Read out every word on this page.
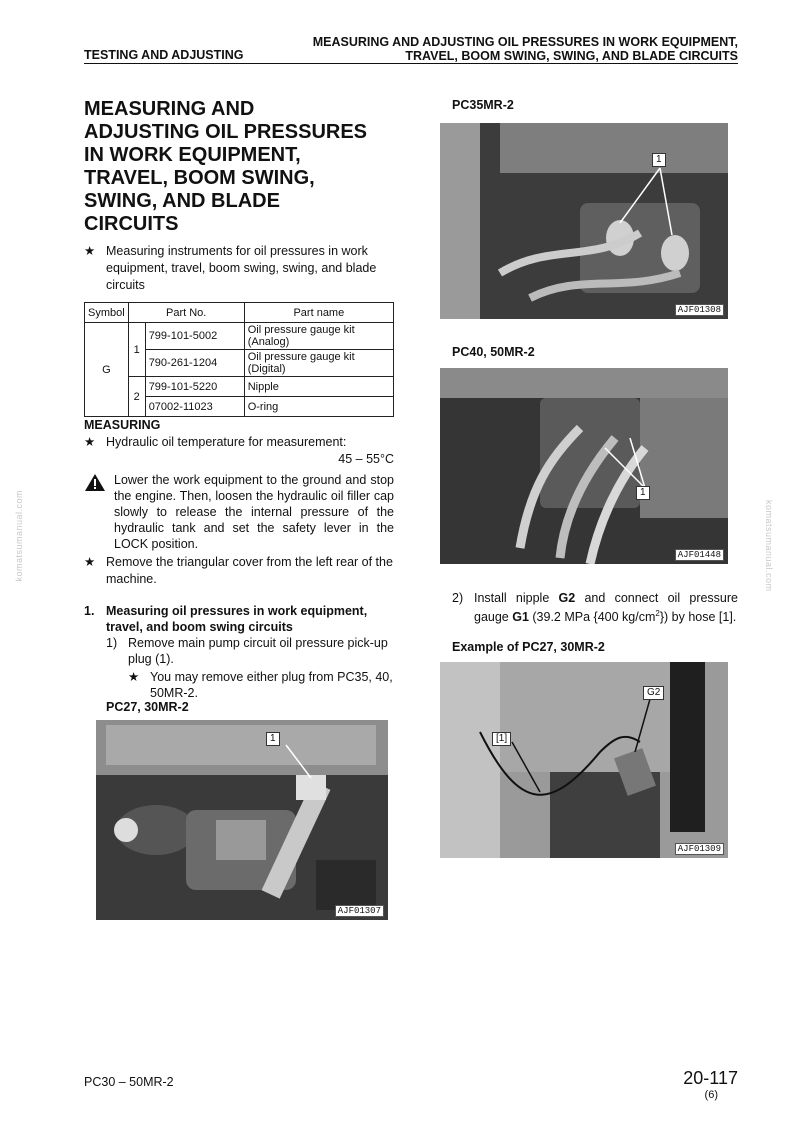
TESTING AND ADJUSTING
MEASURING AND ADJUSTING OIL PRESSURES IN WORK EQUIPMENT,
TRAVEL, BOOM SWING, SWING, AND BLADE CIRCUITS
MEASURING AND
ADJUSTING OIL PRESSURES
IN WORK EQUIPMENT,
TRAVEL, BOOM SWING,
SWING, AND BLADE
CIRCUITS
★ Measuring instruments for oil pressures in work equipment, travel, boom swing, swing, and blade circuits
Symbol	Part No.		Part name
G	1	799-101-5002	Oil pressure gauge kit (Analog)
		790-261-1204	Oil pressure gauge kit (Digital)
	2	799-101-5220	Nipple
		07002-11023	O-ring
MEASURING
★ Hydraulic oil temperature for measurement:
45 – 55°C
Lower the work equipment to the ground and stop the engine. Then, loosen the hydraulic oil filler cap slowly to release the internal pressure of the hydraulic tank and set the safety lever in the LOCK position.
★ Remove the triangular cover from the left rear of the machine.
1. Measuring oil pressures in work equipment, travel, and boom swing circuits
1) Remove main pump circuit oil pressure pick-up plug (1).
★ You may remove either plug from PC35, 40, 50MR-2.
PC27, 30MR-2
1
AJF01307
PC35MR-2
1
AJF01308
PC40, 50MR-2
1
AJF01448
2) Install nipple G2 and connect oil pressure gauge G1 (39.2 MPa {400 $kg/cm^2$}) by hose [1].
Example of PC27, 30MR-2
G2
[1]
AJF01309
komatsumanual.com	komatsumanual.com
PC30 – 50MR-2	20-117
(6)
